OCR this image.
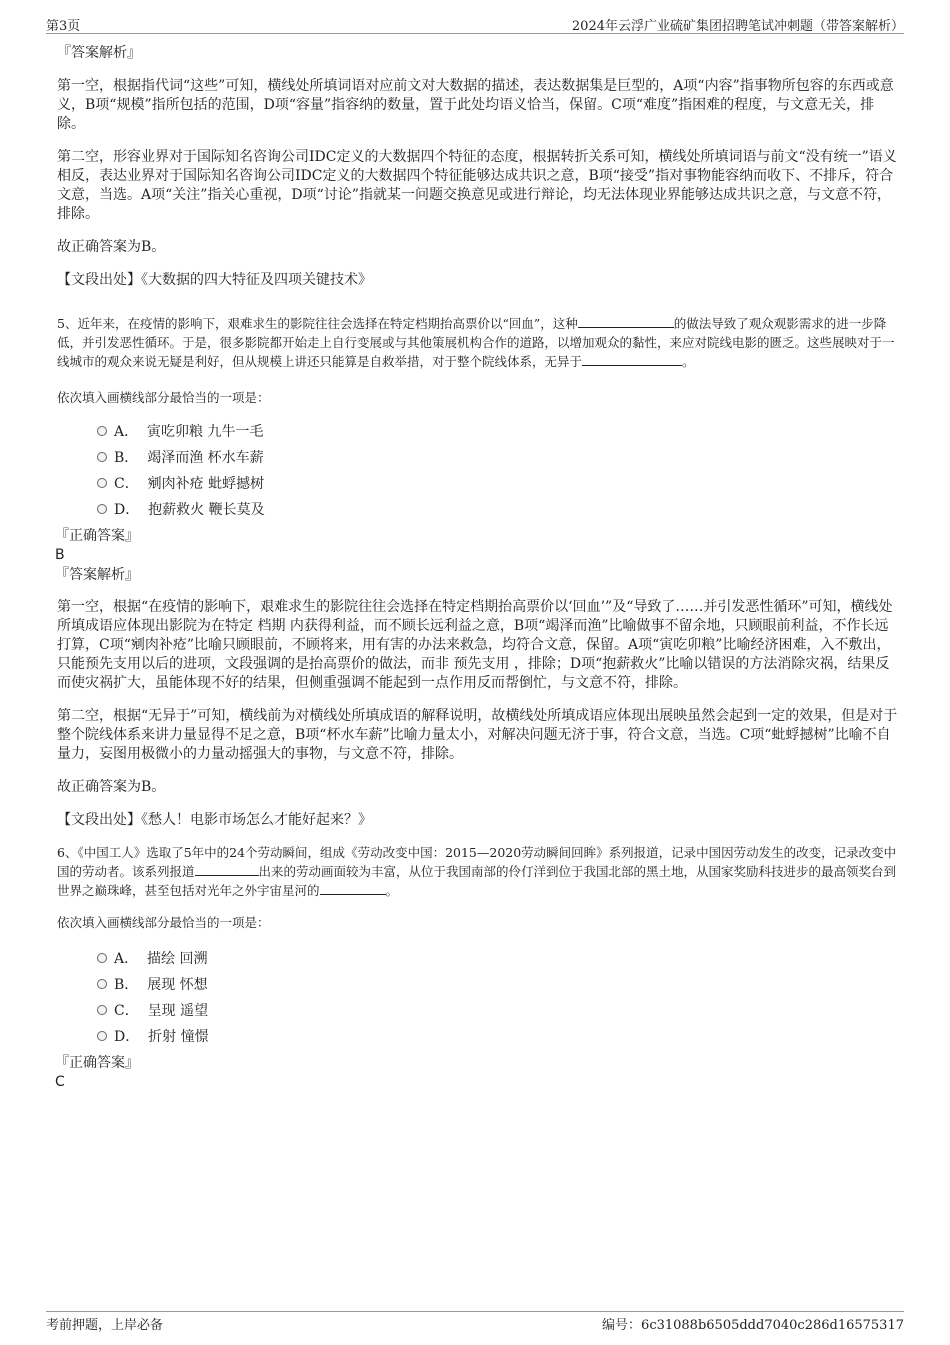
第3页	2024年云浮广业硫矿集团招聘笔试冲刺题（带答案解析）

『答案解析』

第一空，根据指代词“这些”可知，横线处所填词语对应前文对大数据的描述，表达数据集是巨型的，A项“内容”指事物所包容的东西或意义，B项“规模”指所包括的范围，D项“容量”指容纳的数量，置于此处均语义恰当，保留。C项“难度”指困难的程度，与文意无关，排除。

第二空，形容业界对于国际知名咨询公司IDC定义的大数据四个特征的态度，根据转折关系可知，横线处所填词语与前文“没有统一”语义相反，表达业界对于国际知名咨询公司IDC定义的大数据四个特征能够达成共识之意，B项“接受”指对事物能容纳而收下、不排斥，符合文意，当选。A项“关注”指关心重视，D项“讨论”指就某一问题交换意见或进行辩论，均无法体现业界能够达成共识之意，与文意不符，排除。

故正确答案为B。

【文段出处】《大数据的四大特征及四项关键技术》

5、近年来，在疫情的影响下，艰难求生的影院往往会选择在特定档期抬高票价以“回血”，这种	的做法导致了观众观影需求的进一步降低，并引发恶性循环。于是，很多影院都开始走上自行变展或与其他策展机构合作的道路，以增加观众的黏性，来应对院线电影的匮乏。这些展映对于一线城市的观众来说无疑是利好，但从规模上讲还只能算是自救举措，对于整个院线体系，无异于	。

依次填入画横线部分最恰当的一项是：

A． 寅吃卯粮 九牛一毛
B． 竭泽而渔 杯水车薪
C． 剜肉补疮 蚍蜉撼树
D． 抱薪救火 鞭长莫及

『正确答案』

B

『答案解析』

第一空，根据“在疫情的影响下，艰难求生的影院往往会选择在特定档期抬高票价以‘回血’”及“导致了……并引发恶性循环”可知，横线处所填成语应体现出影院为在特定 档期 内获得利益，而不顾长远利益之意，B项“竭泽而渔”比喻做事不留余地，只顾眼前利益，不作长远打算，C项“剜肉补疮”比喻只顾眼前，不顾将来，用有害的办法来救急，均符合文意，保留。A项“寅吃卯粮”比喻经济困难，入不敷出，只能预先支用以后的进项，文段强调的是抬高票价的做法，而非 预先支用 ，排除；D项“抱薪救火”比喻以错误的方法消除灾祸，结果反而使灾祸扩大，虽能体现不好的结果，但侧重强调不能起到一点作用反而帮倒忙，与文意不符，排除。

第二空，根据“无异于”可知，横线前为对横线处所填成语的解释说明，故横线处所填成语应体现出展映虽然会起到一定的效果，但是对于整个院线体系来讲力量显得不足之意，B项“杯水车薪”比喻力量太小，对解决问题无济于事，符合文意，当选。C项“蚍蜉撼树”比喻不自量力，妄图用极微小的力量动摇强大的事物，与文意不符，排除。

故正确答案为B。

【文段出处】《愁人！电影市场怎么才能好起来？》

6、《中国工人》选取了5年中的24个劳动瞬间，组成《劳动改变中国：2015—2020劳动瞬间回眸》系列报道，记录中国因劳动发生的改变，记录改变中国的劳动者。该系列报道	出来的劳动画面较为丰富，从位于我国南部的伶仃洋到位于我国北部的黑土地，从国家奖励科技进步的最高领奖台到世界之巅珠峰，甚至包括对光年之外宇宙星河的	。

依次填入画横线部分最恰当的一项是：

A． 描绘 回溯
B． 展现 怀想
C． 呈现 遥望
D． 折射 憧憬

『正确答案』

C

考前押题，上岸必备	编号：6c31088b6505ddd7040c286d16575317
